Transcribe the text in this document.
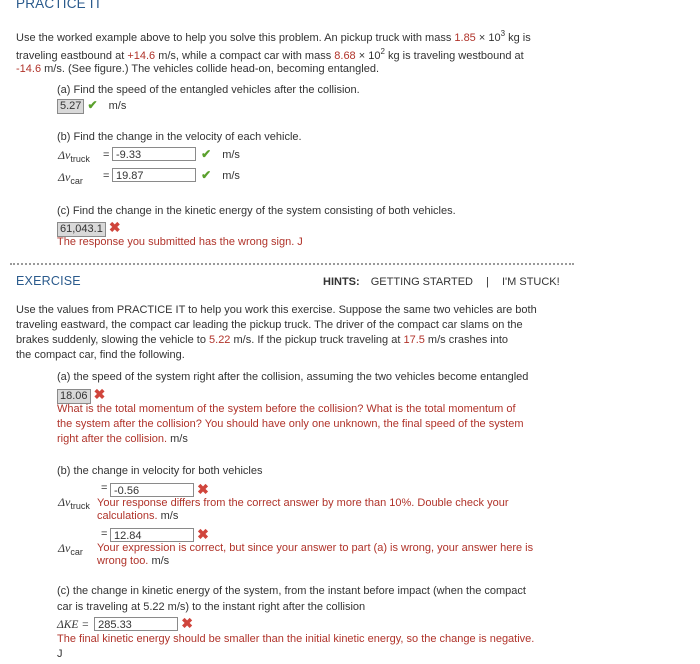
PRACTICE IT
Use the worked example above to help you solve this problem. An pickup truck with mass $1.85 \times 10^3$ kg is
traveling eastbound at +14.6 m/s, while a compact car with mass $8.68 \times 10^2$ kg is traveling westbound at
-14.6 m/s. (See figure.) The vehicles collide head-on, becoming entangled.
(a) Find the speed of the entangled vehicles after the collision.
5.27 ✔ m/s
(b) Find the change in the velocity of each vehicle.
$\Delta v_{truck} = -9.33$	✔ m/s
$\Delta v_{car} = 19.87$	✔ m/s
(c) Find the change in the kinetic energy of the system consisting of both vehicles.
61,043.1 ✖
The response you submitted has the wrong sign. J
EXERCISE	HINTS: GETTING STARTED | I'M STUCK!
Use the values from PRACTICE IT to help you work this exercise. Suppose the same two vehicles are both
traveling eastward, the compact car leading the pickup truck. The driver of the compact car slams on the
brakes suddenly, slowing the vehicle to 5.22 m/s. If the pickup truck traveling at 17.5 m/s crashes into
the compact car, find the following.
(a) the speed of the system right after the collision, assuming the two vehicles become entangled
18.06 ✖
What is the total momentum of the system before the collision? What is the total momentum of
the system after the collision? You should have only one unknown, the final speed of the system
right after the collision. m/s
(b) the change in velocity for both vehicles
= -0.56	✖
$\Delta v_{truck}$ Your response differs from the correct answer by more than 10%. Double check your
calculations. m/s
= 12.84	✖
$\Delta v_{car}$ Your expression is correct, but since your answer to part (a) is wrong, your answer here is
wrong too. m/s
(c) the change in kinetic energy of the system, from the instant before impact (when the compact
car is traveling at 5.22 m/s) to the instant right after the collision
ΔKE = 285.33	✖
The final kinetic energy should be smaller than the initial kinetic energy, so the change is negative.
J
